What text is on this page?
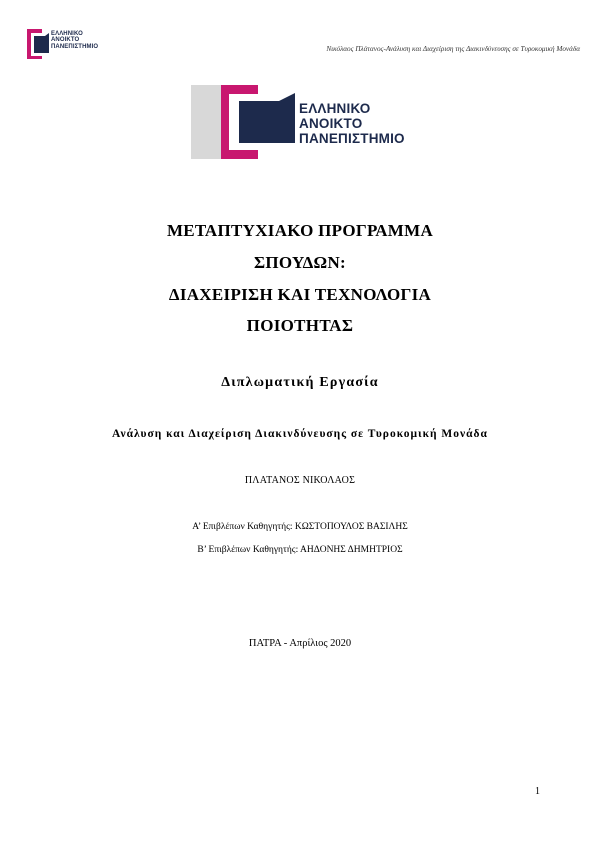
ΕΛΛΗΝΙΚΟ
ΑΝΟΙΚΤΟ
ΠΑΝΕΠΙΣΤΗΜΙΟ	Νικόλαος Πλάτανος-Ανάλυση και Διαχείριση της Διακινδύνευσης σε Τυροκομική Μονάδα
ΕΛΛΗΝΙΚΟ
ΑΝΟΙΚΤΟ
ΠΑΝΕΠΙΣΤΗΜΙΟ
ΜΕΤΑΠΤΥΧΙΑΚΟ ΠΡΟΓΡΑΜΜΑ
ΣΠΟΥΔΩΝ:
ΔΙΑΧΕΙΡΙΣΗ ΚΑΙ ΤΕΧΝΟΛΟΓΙΑ
ΠΟΙΟΤΗΤΑΣ
Διπλωματική Εργασία
Ανάλυση και Διαχείριση Διακινδύνευσης σε Τυροκομική Μονάδα
ΠΛΑΤΑΝΟΣ ΝΙΚΟΛΑΟΣ
Α’ Επιβλέπων Καθηγητής: ΚΩΣΤΟΠΟΥΛΟΣ ΒΑΣΙΛΗΣ
Β’ Επιβλέπων Καθηγητής: ΑΗΔΟΝΗΣ ΔΗΜΗΤΡΙΟΣ
ΠΑΤΡΑ - Απρίλιος 2020
1
